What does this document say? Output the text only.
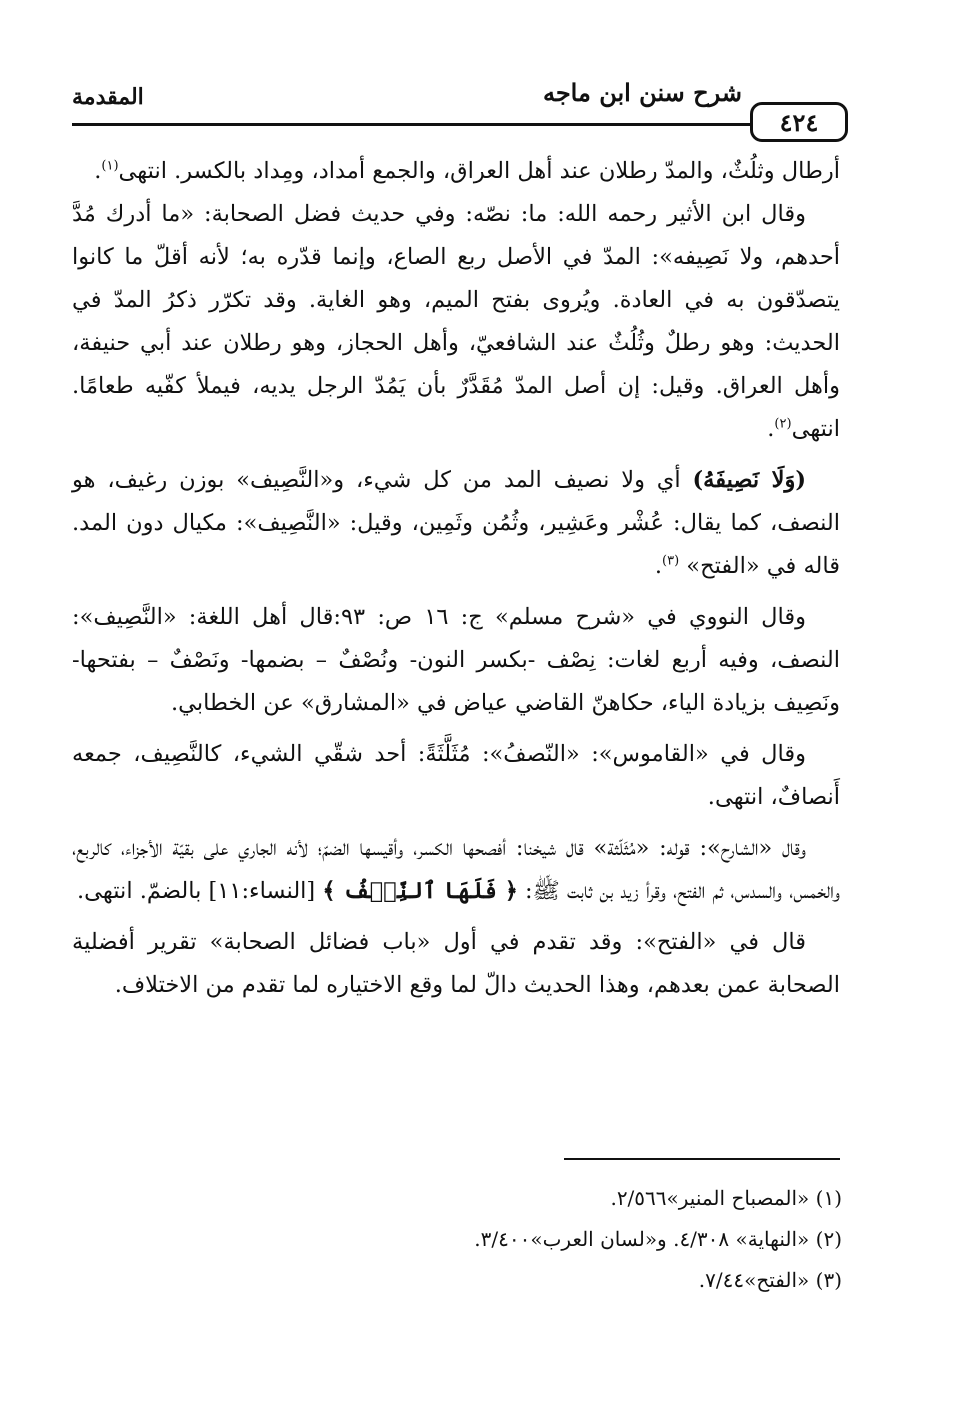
٤٢٤
شرح سنن ابن ماجه
المقدمة

أرطال وثلُثٌ، والمدّ رطلان عند أهل العراق، والجمع أمداد، ومِداد بالكسر. انتهى$^{(١)}$.

وقال ابن الأثير رحمه الله: ما: نصّه: وفي حديث فضل الصحابة: «ما أدرك مُدَّ أحدهم، ولا نَصِيفه»: المدّ في الأصل ربع الصاع، وإنما قدّره به؛ لأنه أقلّ ما كانوا يتصدّقون به في العادة. ويُروى بفتح الميم، وهو الغاية. وقد تكرّر ذكرُ المدّ في الحديث: وهو رطلٌ وثُلُثٌ عند الشافعيّ، وأهل الحجاز، وهو رطلان عند أبي حنيفة، وأهل العراق. وقيل: إن أصل المدّ مُقَدَّرٌ بأن يَمُدّ الرجل يديه، فيملأ كفّيه طعامًا. انتهى$^{(٢)}$.

(وَلَا نَصِيفَهُ) أي ولا نصيف المد من كل شيء، و«النَّصِيف» بوزن رغيف، هو النصف، كما يقال: عُشْر وعَشِير، وثُمُن وثَمِين، وقيل: «النَّصِيف»: مكيال دون المد. قاله في «الفتح» $^{(٣)}$.

وقال النووي في «شرح مسلم» ج: ١٦ ص: ٩٣:قال أهل اللغة: «النَّصِيف»: النصف، وفيه أربع لغات: نِصْف -بكسر النون- ونُصْفٌ – بضمها- ونَصْفٌ – بفتحها- ونَصِيف بزيادة الياء، حكاهنّ القاضي عياض في «المشارق» عن الخطابي.

وقال في «القاموس»: «النّصفُ»: مُثَلَّثَةً: أحد شقّي الشيء، كالنَّصِيف، جمعه أَنصافٌ، انتهى.

وقال «الشارح»: قوله: «مُثَلّثة» قال شيخنا: أفصحها الكسر، وأقيسها الضمّ؛ لأنه الجاري على بقيّة الأجزاء، كالربع، والخمس، والسدس، ثم الفتح، وقرأ زيد بن ثابت ﷺ: ﴿ فَلَهَا ٱلنِّصۡفُ ﴾ [النساء:١١] بالضمّ. انتهى.

قال في «الفتح»: وقد تقدم في أول «باب فضائل الصحابة» تقرير أفضلية الصحابة عمن بعدهم، وهذا الحديث دالّ لما وقع الاختياره لما تقدم من الاختلاف.

(١) «المصباح المنير»٢/٥٦٦.

(٢) «النهاية» ٤/٣٠٨. و«لسان العرب»٣/٤٠٠.

(٣) «الفتح»٧/٤٤.
